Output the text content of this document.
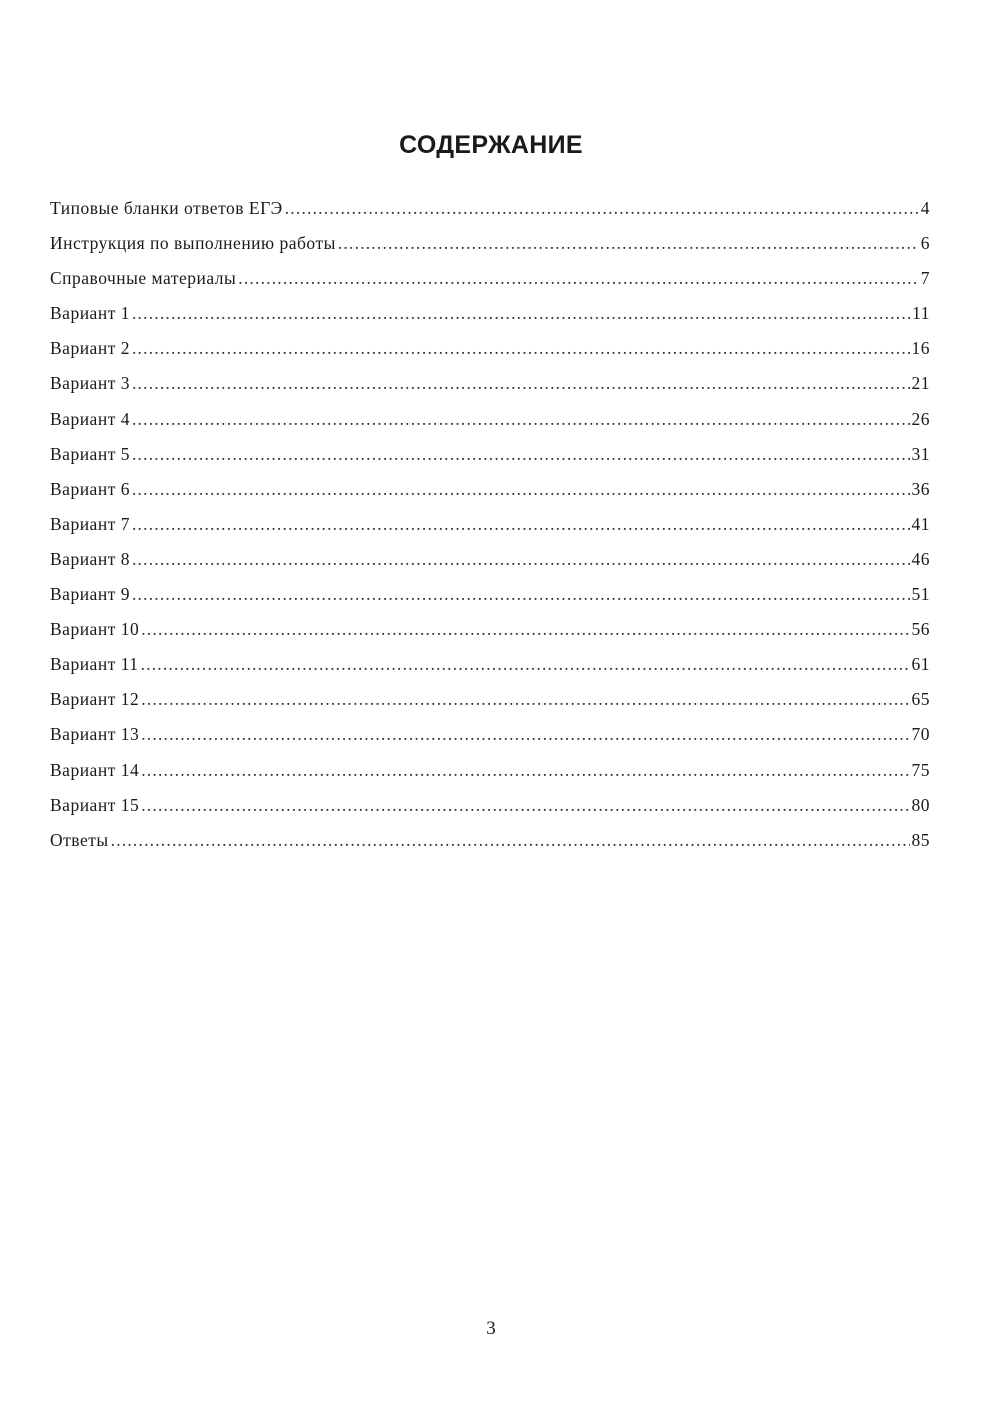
СОДЕРЖАНИЕ
Типовые бланки ответов ЕГЭ .....	4
Инструкция по выполнению работы .....	6
Справочные материалы .....	7
Вариант 1 .....	11
Вариант 2 .....	16
Вариант 3 .....	21
Вариант 4 .....	26
Вариант 5 .....	31
Вариант 6 .....	36
Вариант 7 .....	41
Вариант 8 .....	46
Вариант 9 .....	51
Вариант 10 .....	56
Вариант 11 .....	61
Вариант 12 .....	65
Вариант 13 .....	70
Вариант 14 .....	75
Вариант 15 .....	80
Ответы .....	85
3
